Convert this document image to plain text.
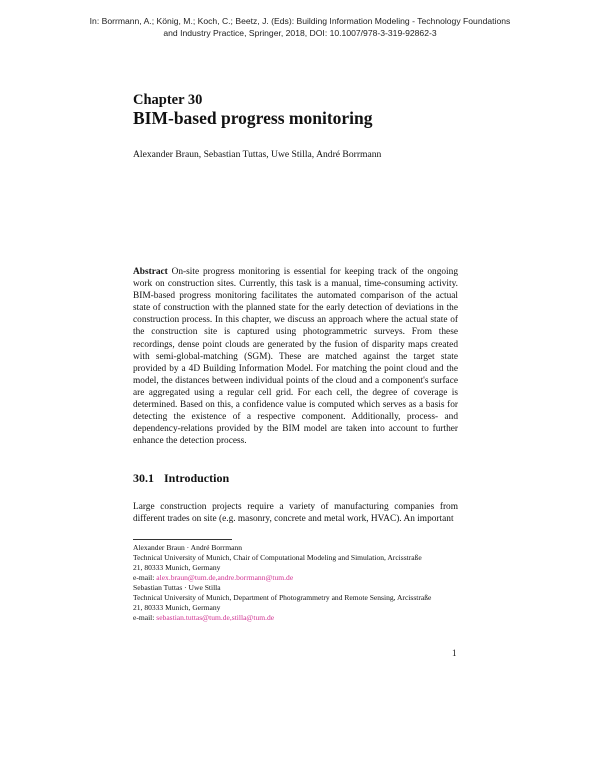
In: Borrmann, A.; König, M.; Koch, C.; Beetz, J. (Eds): Building Information Modeling - Technology Foundations
and Industry Practice, Springer, 2018, DOI: 10.1007/978-3-319-92862-3
Chapter 30
BIM-based progress monitoring
Alexander Braun, Sebastian Tuttas, Uwe Stilla, André Borrmann
Abstract On-site progress monitoring is essential for keeping track of the ongoing work on construction sites. Currently, this task is a manual, time-consuming activity. BIM-based progress monitoring facilitates the automated comparison of the actual state of construction with the planned state for the early detection of deviations in the construction process. In this chapter, we discuss an approach where the actual state of the construction site is captured using photogrammetric surveys. From these recordings, dense point clouds are generated by the fusion of disparity maps created with semi-global-matching (SGM). These are matched against the target state provided by a 4D Building Information Model. For matching the point cloud and the model, the distances between individual points of the cloud and a component's surface are aggregated using a regular cell grid. For each cell, the degree of coverage is determined. Based on this, a confidence value is computed which serves as a basis for detecting the existence of a respective component. Additionally, process- and dependency-relations provided by the BIM model are taken into account to further enhance the detection process.
30.1 Introduction
Large construction projects require a variety of manufacturing companies from different trades on site (e.g. masonry, concrete and metal work, HVAC). An important
Alexander Braun · André Borrmann
Technical University of Munich, Chair of Computational Modeling and Simulation, Arcisstraße
21, 80333 Munich, Germany
e-mail: alex.braun@tum.de,andre.borrmann@tum.de
Sebastian Tuttas · Uwe Stilla
Technical University of Munich, Department of Photogrammetry and Remote Sensing, Arcisstraße
21, 80333 Munich, Germany
e-mail: sebastian.tuttas@tum.de,stilla@tum.de
1
